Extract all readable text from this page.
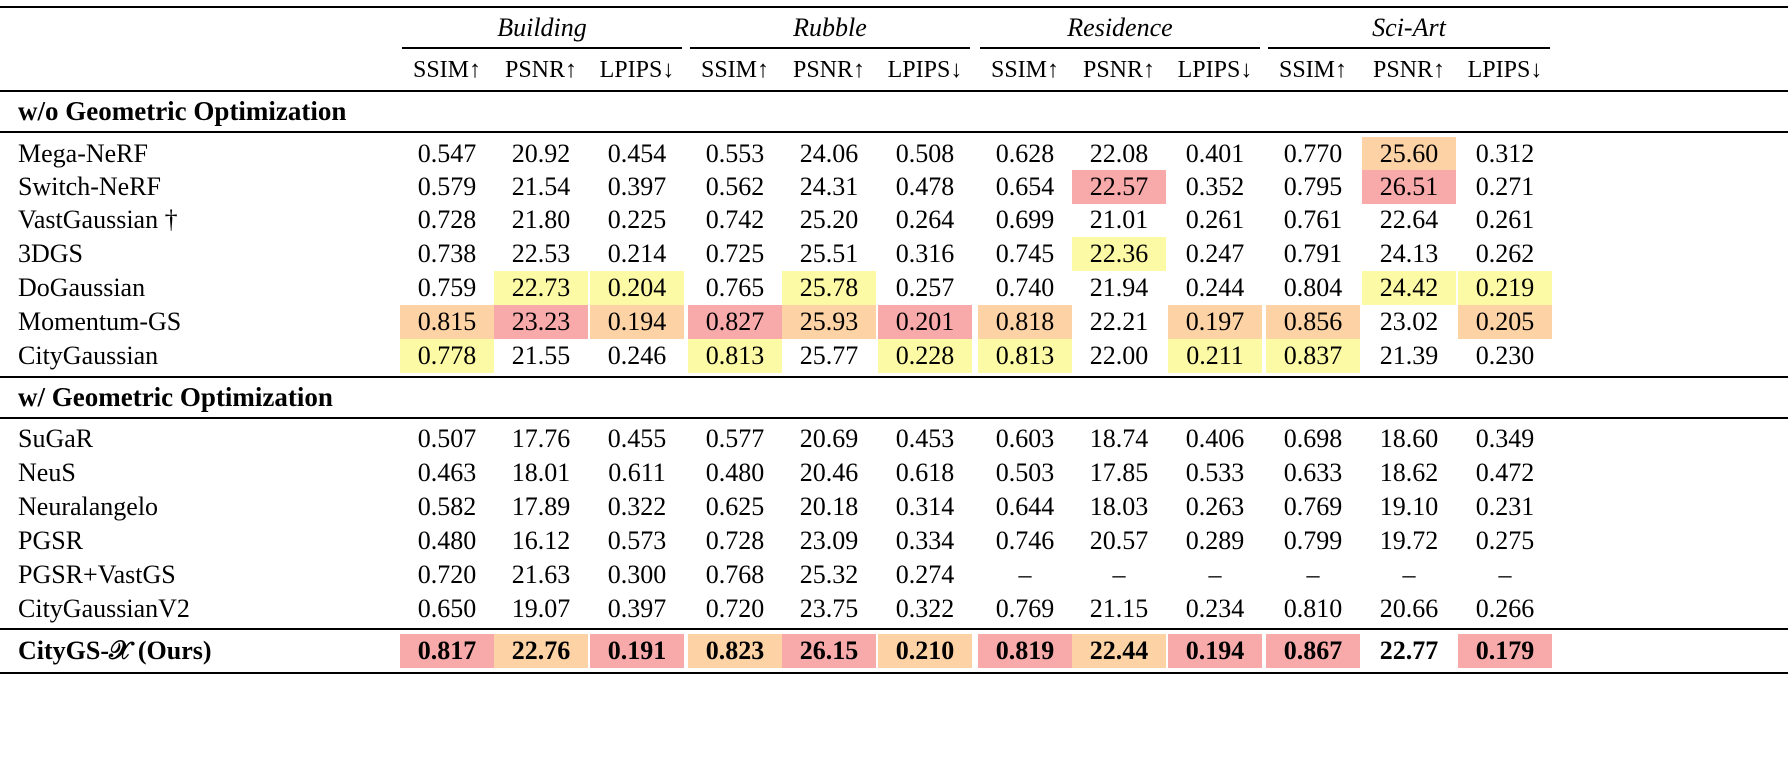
Building	Rubble	Residence	Sci-Art
SSIM↑ PSNR↑ LPIPS↓	SSIM↑ PSNR↑ LPIPS↓	SSIM↑ PSNR↑ LPIPS↓	SSIM↑	PSNR↑ LPIPS↓
w/o Geometric Optimization
Mega-NeRF	0.547	20.92	0.454	0.553	24.06	0.508	0.628	22.08	0.401	0.770	25.60	0.312
Switch-NeRF	0.579	21.54	0.397	0.562	24.31	0.478	0.654	22.57	0.352	0.795	26.51	0.271
VastGaussian †	0.728	21.80	0.225	0.742	25.20	0.264	0.699	21.01	0.261	0.761	22.64	0.261
3DGS	0.738	22.53	0.214	0.725	25.51	0.316	0.745	22.36	0.247	0.791	24.13	0.262
DoGaussian	0.759	22.73	0.204	0.765	25.78	0.257	0.740	21.94	0.244	0.804	24.42	0.219
Momentum-GS	0.815	23.23	0.194	0.827	25.93	0.201	0.818	22.21	0.197	0.856	23.02	0.205
CityGaussian	0.778	21.55	0.246	0.813	25.77	0.228	0.813	22.00	0.211	0.837	21.39	0.230
w/ Geometric Optimization
SuGaR	0.507	17.76	0.455	0.577	20.69	0.453	0.603	18.74	0.406	0.698	18.60	0.349
NeuS	0.463	18.01	0.611	0.480	20.46	0.618	0.503	17.85	0.533	0.633	18.62	0.472
Neuralangelo	0.582	17.89	0.322	0.625	20.18	0.314	0.644	18.03	0.263	0.769	19.10	0.231
PGSR	0.480	16.12	0.573	0.728	23.09	0.334	0.746	20.57	0.289	0.799	19.72	0.275
PGSR+VastGS	0.720	21.63	0.300	0.768	25.32	0.274	–	–	–	–	–	–
CityGaussianV2	0.650	19.07	0.397	0.720	23.75	0.322	0.769	21.15	0.234	0.810	20.66	0.266
CityGS-𝒳 (Ours)	0.817	22.76	0.191	0.823	26.15	0.210	0.819	22.44	0.194	0.867	22.77	0.179
